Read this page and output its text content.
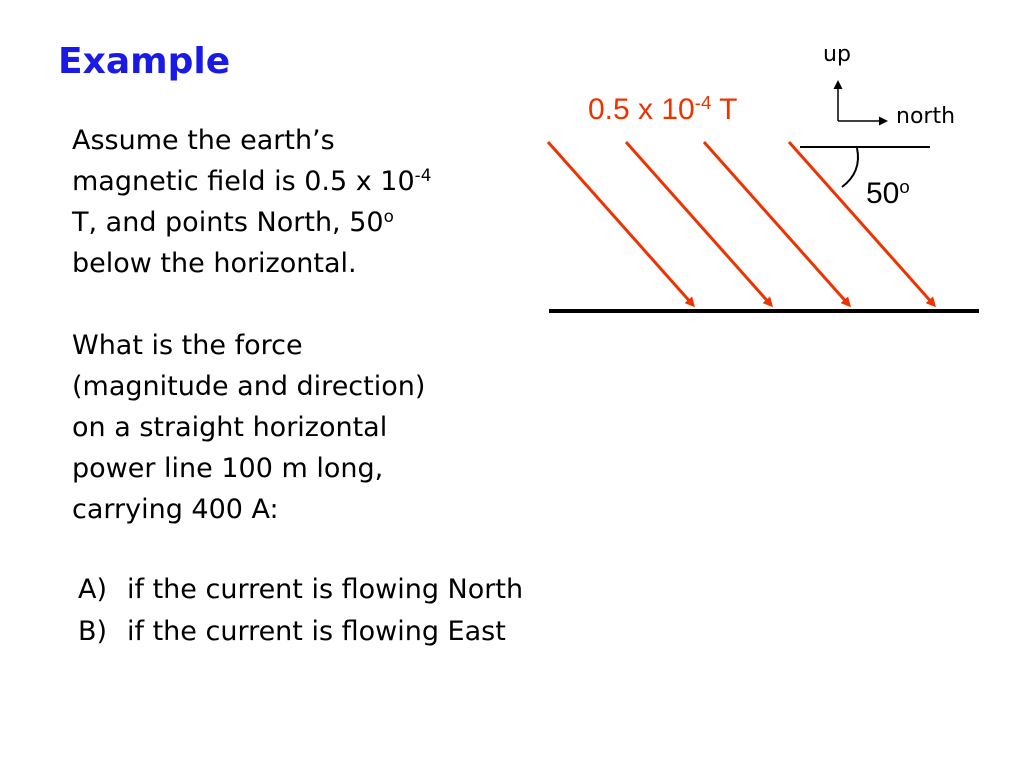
Example

Assume the earth’s
magnetic field is 0.5 x $10^{-4}$
T, and points North, 50$^o$
below the horizontal.

What is the force
(magnitude and direction)
on a straight horizontal
power line 100 m long,
carrying 400 A:

A) if the current is flowing North
B) if the current is flowing East
0.5 x $10^{-4}$ T
50$^o$
up
north
